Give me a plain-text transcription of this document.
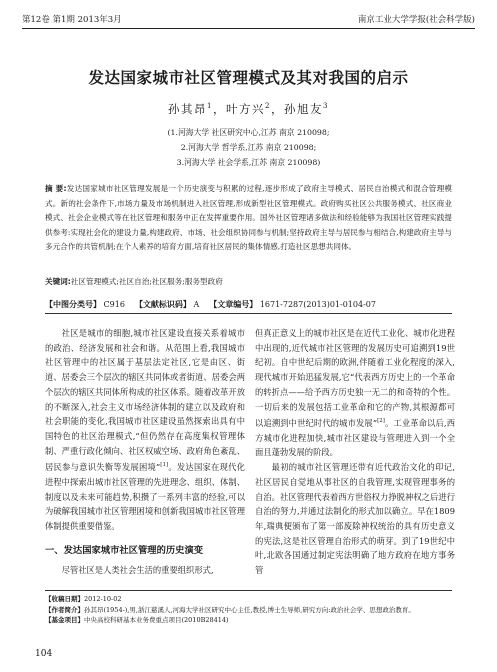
第12卷 第1期 2013年3月	南京工业大学学报(社会科学版)
发达国家城市社区管理模式及其对我国的启示
孙其昂$^1$，叶方兴$^2$，孙旭友$^3$
(1.河海大学 社区研究中心,江苏 南京 210098;
2.河海大学 哲学系,江苏 南京 210098;
3.河海大学 社会学系,江苏 南京 210098)
摘 要:发达国家城市社区管理发展是一个历史演变与积累的过程,逐步形成了政府主导模式、居民自治模式和混合管理模式。新的社会条件下,市场力量及市场机制进入社区管理,形成新型社区管理模式。政府购买社区公共服务模式、社区商业模式、社会企业模式等在社区管理和服务中正在发挥重要作用。国外社区管理诸多做法和经验能够为我国社区管理实践提供参考:实现社会化的建设力量,构建政府、市场、社会组织协同参与机制;坚持政府主导与居民参与相结合,构建政府主导与多元合作的共管机制;在个人素养的培育方面,培育社区居民的集体情感,打造社区思想共同体。
关键词:社区管理模式;社区自治;社区服务;服务型政府
【中图分类号】 C916 【文献标识码】 A 【文章编号】 1671-7287(2013)01-0104-07

社区是城市的细胞,城市社区建设直接关系着城市的政治、经济发展和社会和谐。从范围上看,我国城市社区管理中的社区属于基层法定社区,它是由区、街道、居委会三个层次的辖区共同体或者街道、居委会两个层次的辖区共同体所构成的社区体系。随着改革开放的不断深入,社会主义市场经济体制的建立以及政府和社会职能的变化,我国城市社区建设虽然探索出具有中国特色的社区治理模式,“但仍然存在高度集权管理体制、严重行政化倾向、社区权威空场、政府角色紊乱、居民参与意识失衡等发展困境”[1]。发达国家在现代化进程中探索出城市社区管理的先进理念、组织、体制、制度以及未来可能趋势,积攒了一系列丰富的经验,可以为破解我国城市社区管理困境和创新我国城市社区管理体制提供重要借鉴。

一、发达国家城市社区管理的历史演变

尽管社区是人类社会生活的重要组织形式,

但真正意义上的城市社区是在近代工业化、城市化进程中出现的,近代城市社区管理的发展历史可追溯到19世纪初。自中世纪后期的欧洲,伴随着工业化程度的深入,现代城市开始迅猛发展,它“代表西方历史上的一个革命的转折点——给予西方历史独一无二的和奇特的个性。一切后来的发展包括工业革命和它的产物,其根源都可以追溯到中世纪时代的城市发展”[2]。工业革命以后,西方城市化进程加快,城市社区建设与管理进入到一个全面且蓬勃发展的阶段。

最初的城市社区管理还带有近代政治文化的印记,社区居民自觉地从事社区的自我管理,实现管理事务的自治。社区管理代表着西方世俗权力挣脱神权之后进行自治的努力,并通过法制化的形式加以确立。早在1809年,瑞典便颁布了第一部废除神权统治的具有历史意义的宪法,这是社区管理自治形式的萌芽。到了19世纪中叶,北欧各国通过制定宪法明确了地方政府在地方事务管

【收稿日期】2012-10-02
【作者简介】孙其昂(1954-),男,浙江慈溪人,河海大学社区研究中心主任,教授,博士生导师,研究方向:政治社会学、思想政治教育。
【基金项目】中央高校科研基本业务费重点项目(2010B28414)
104
